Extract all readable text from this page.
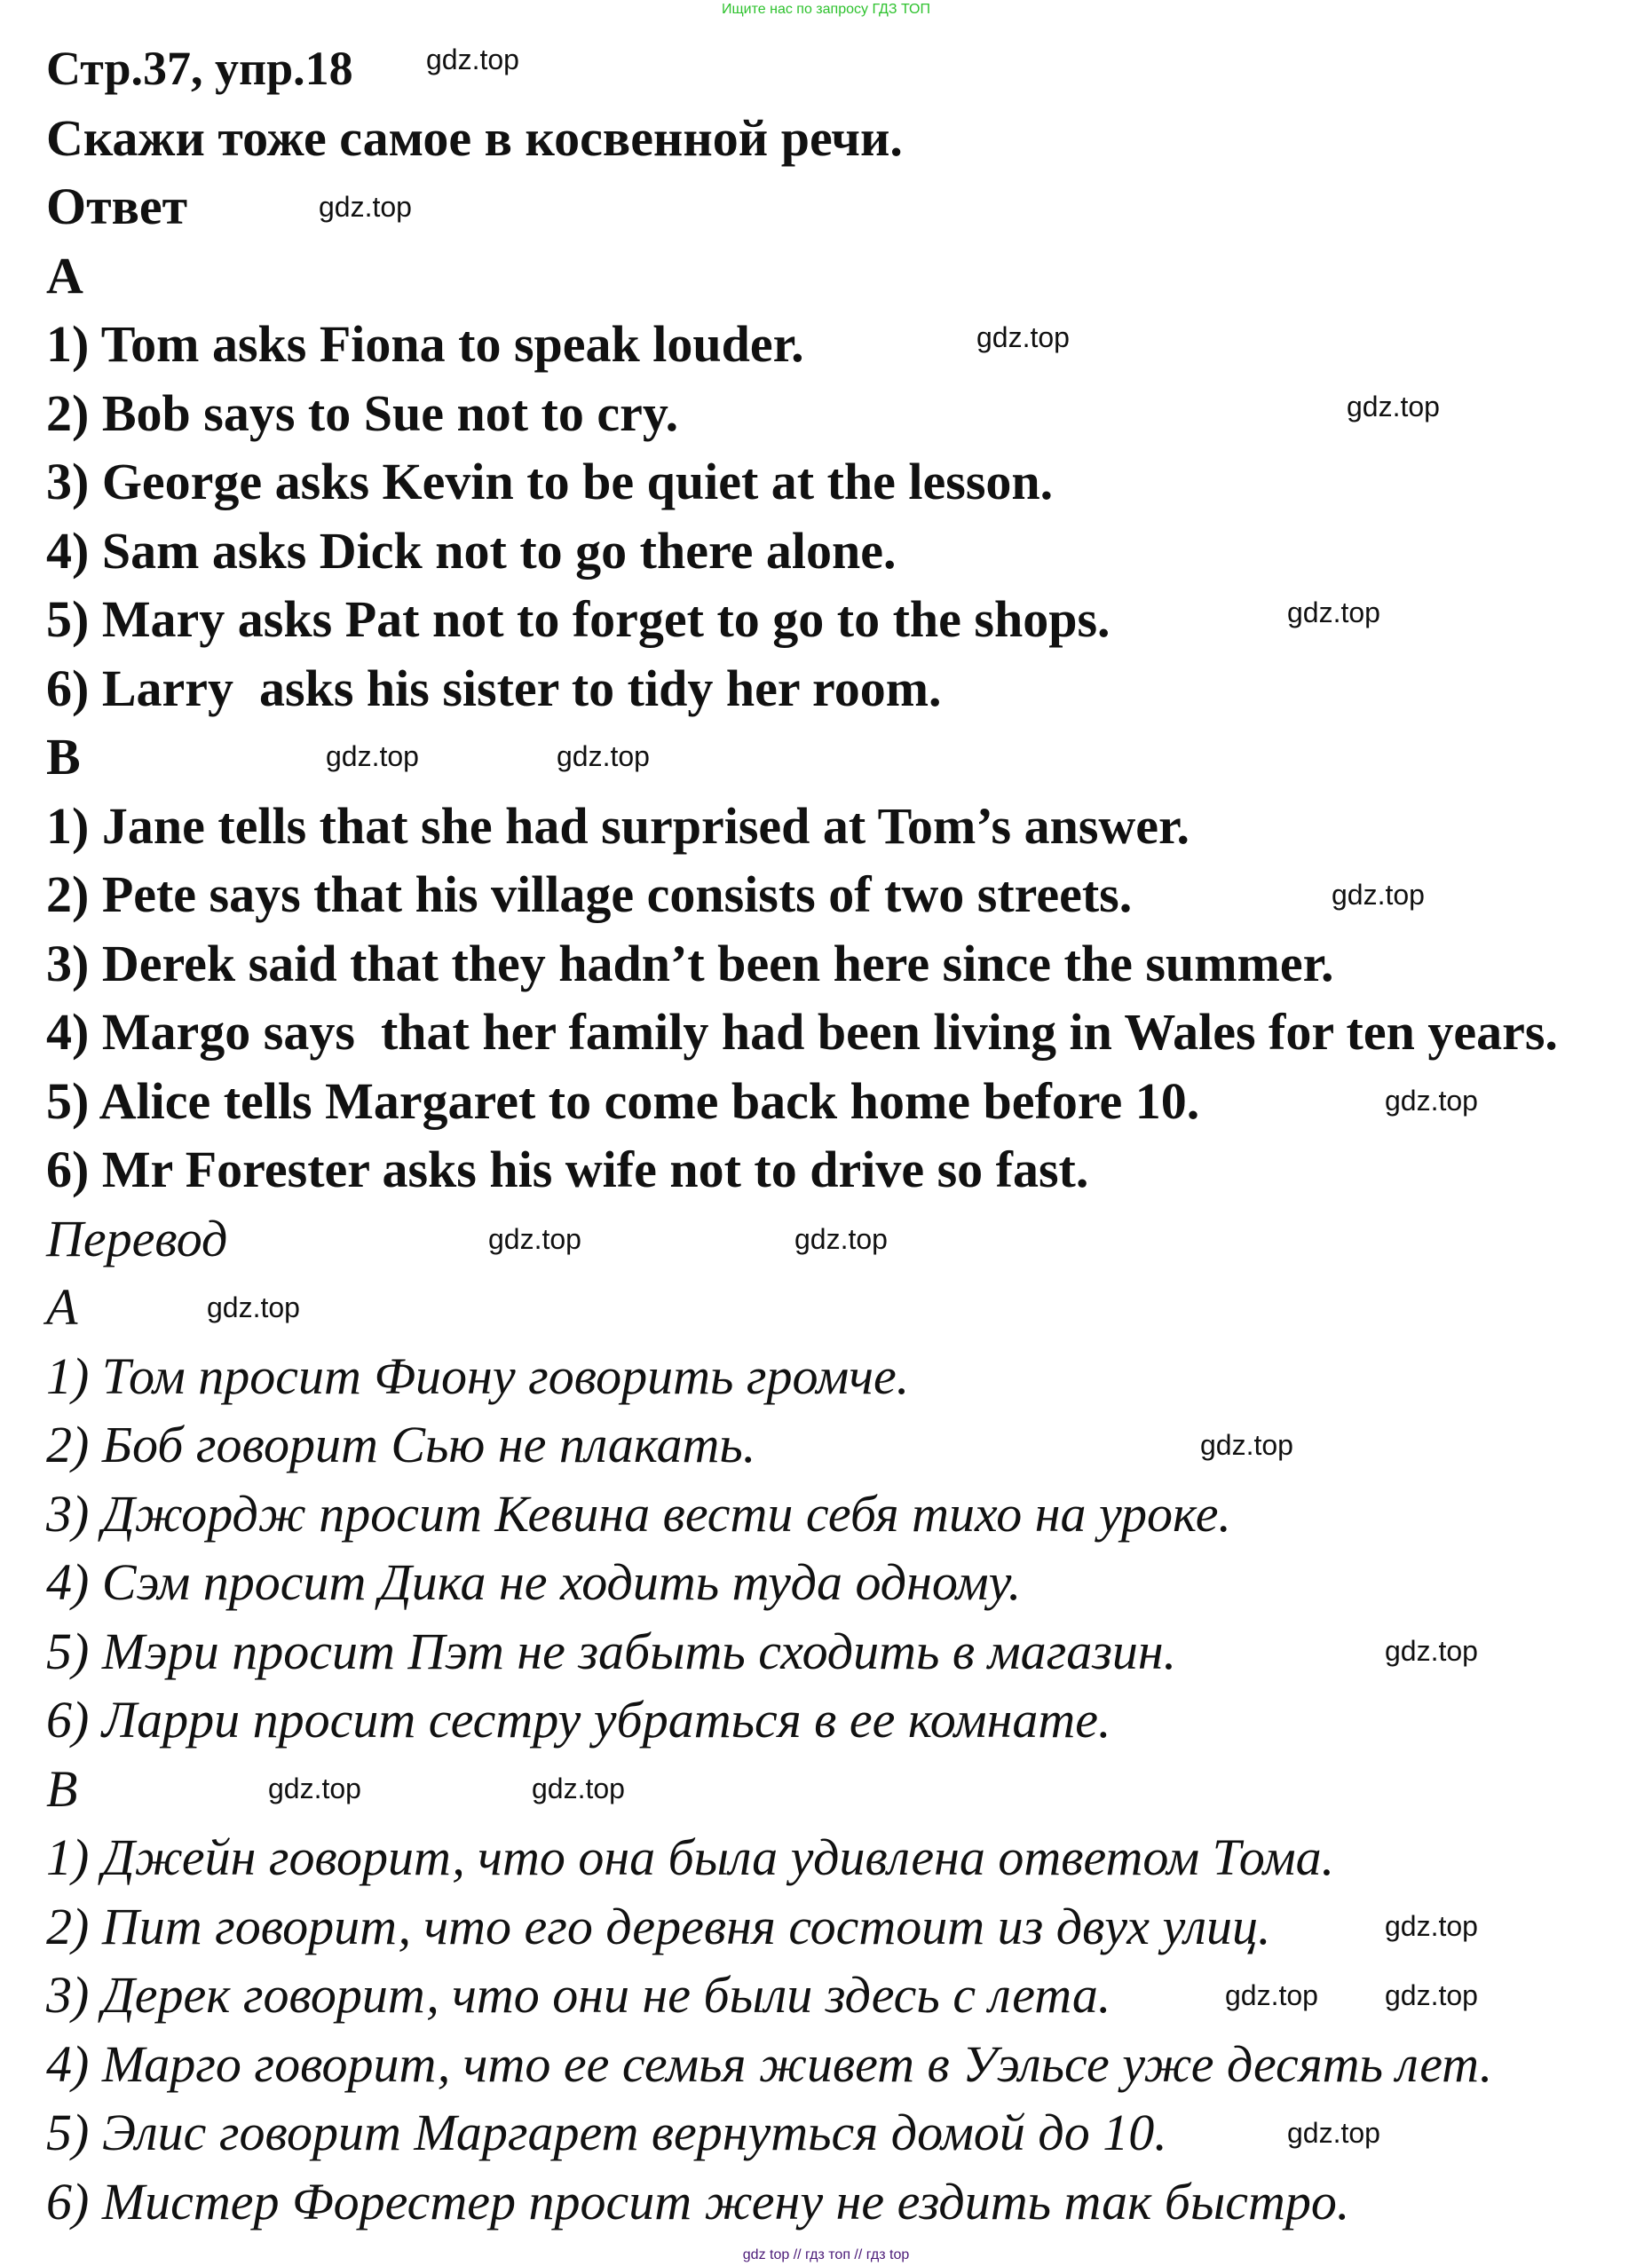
Ищите нас по запросу ГДЗ ТОП
Стр.37, упр.18
Скажи тоже самое в косвенной речи.
Ответ
A
1) Tom asks Fiona to speak louder.
2) Bob says to Sue not to cry.
3) George asks Kevin to be quiet at the lesson.
4) Sam asks Dick not to go there alone.
5) Mary asks Pat not to forget to go to the shops.
6) Larry  asks his sister to tidy her room.
B
1) Jane tells that she had surprised at Tom’s answer.
2) Pete says that his village consists of two streets.
3) Derek said that they hadn’t been here since the summer.
4) Margo says  that her family had been living in Wales for ten years.
5) Alice tells Margaret to come back home before 10.
6) Mr Forester asks his wife not to drive so fast.
Перевод
A
1) Том просит Фиону говорить громче.
2) Боб говорит Сью не плакать.
3) Джордж просит Кевина вести себя тихо на уроке.
4) Сэм просит Дика не ходить туда одному.
5) Мэри просит Пэт не забыть сходить в магазин.
6) Ларри просит сестру убраться в ее комнате.
B
1) Джейн говорит, что она была удивлена ответом Тома.
2) Пит говорит, что его деревня состоит из двух улиц.
3) Дерек говорит, что они не были здесь с лета.
4) Марго говорит, что ее семья живет в Уэльсе уже десять лет.
5) Элис говорит Маргарет вернуться домой до 10.
6) Мистер Форестер просит жену не ездить так быстро.
gdz.top
gdz.top
gdz.top
gdz.top
gdz.top
gdz.top	gdz.top
gdz.top
gdz.top
gdz.top	gdz.top
gdz.top
gdz.top
gdz.top
gdz.top
gdz.top
gdz.top
gdz.top gdz.top
gdz.top
gdz top // гдз топ // гдз top
